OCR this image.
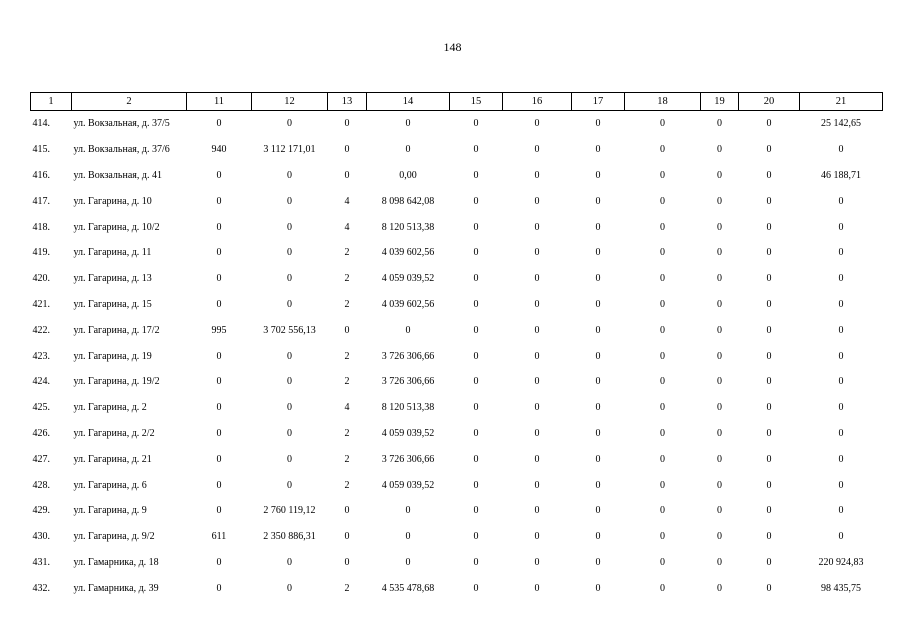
148
1	2	11	12	13	14	15	16	17	18	19	20	21
414.	ул. Вокзальная, д. 37/5	0	0	0	0	0	0	0	0	0	0	25 142,65
415.	ул. Вокзальная, д. 37/6	940	3 112 171,01	0	0	0	0	0	0	0	0	0
416.	ул. Вокзальная, д. 41	0	0	0	0,00	0	0	0	0	0	0	46 188,71
417.	ул. Гагарина, д. 10	0	0	4	8 098 642,08	0	0	0	0	0	0	0
418.	ул. Гагарина, д. 10/2	0	0	4	8 120 513,38	0	0	0	0	0	0	0
419.	ул. Гагарина, д. 11	0	0	2	4 039 602,56	0	0	0	0	0	0	0
420.	ул. Гагарина, д. 13	0	0	2	4 059 039,52	0	0	0	0	0	0	0
421.	ул. Гагарина, д. 15	0	0	2	4 039 602,56	0	0	0	0	0	0	0
422.	ул. Гагарина, д. 17/2	995	3 702 556,13	0	0	0	0	0	0	0	0	0
423.	ул. Гагарина, д. 19	0	0	2	3 726 306,66	0	0	0	0	0	0	0
424.	ул. Гагарина, д. 19/2	0	0	2	3 726 306,66	0	0	0	0	0	0	0
425.	ул. Гагарина, д. 2	0	0	4	8 120 513,38	0	0	0	0	0	0	0
426.	ул. Гагарина, д. 2/2	0	0	2	4 059 039,52	0	0	0	0	0	0	0
427.	ул. Гагарина, д. 21	0	0	2	3 726 306,66	0	0	0	0	0	0	0
428.	ул. Гагарина, д. 6	0	0	2	4 059 039,52	0	0	0	0	0	0	0
429.	ул. Гагарина, д. 9	0	2 760 119,12	0	0	0	0	0	0	0	0	0
430.	ул. Гагарина, д. 9/2	611	2 350 886,31	0	0	0	0	0	0	0	0	0
431.	ул. Гамарника, д. 18	0	0	0	0	0	0	0	0	0	0	220 924,83
432.	ул. Гамарника, д. 39	0	0	2	4 535 478,68	0	0	0	0	0	0	98 435,75
